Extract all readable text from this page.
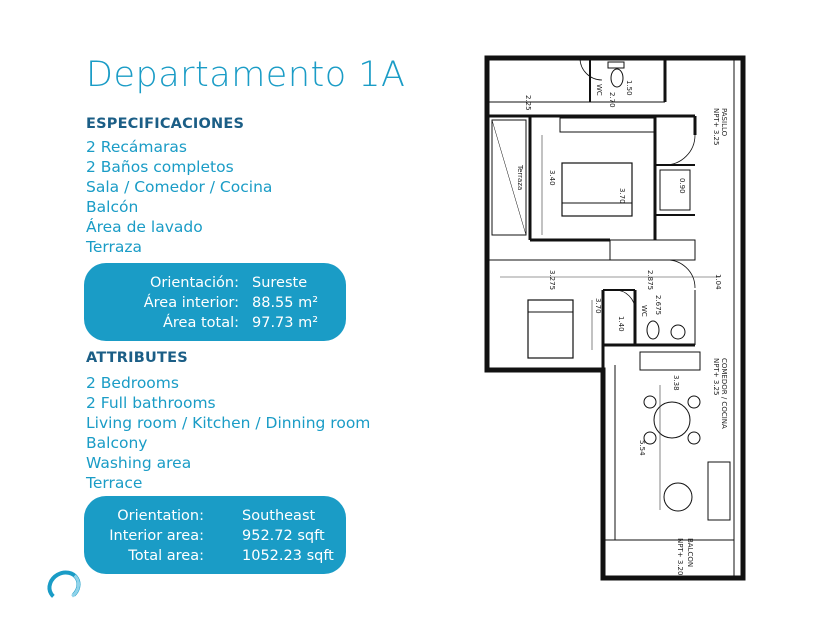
Departamento 1A
ESPECIFICACIONES
2 Recámaras
2 Baños completos
Sala / Comedor / Cocina
Balcón
Área de lavado
Terraza
Orientación: Sureste
Área interior: 88.55 m²
Área total: 97.73 m²
ATTRIBUTES
2 Bedrooms
2 Full bathrooms
Living room / Kitchen / Dinning room
Balcony
Washing area
Terrace
Orientation:	Southeast
Interior area:	952.72 sqft
Total area:	1052.23 sqft
PASILLO
NPT+ 3.25
Terraza
COMEDOR / COCINA
NPT+ 3.25
BALCON
NPT+ 3.20
WC
WC
2.25	2.70
1.50
3.40
3.70
0.90
3.275	2.875
2.675
1.04
3.70
1.40
3.38
5.54
